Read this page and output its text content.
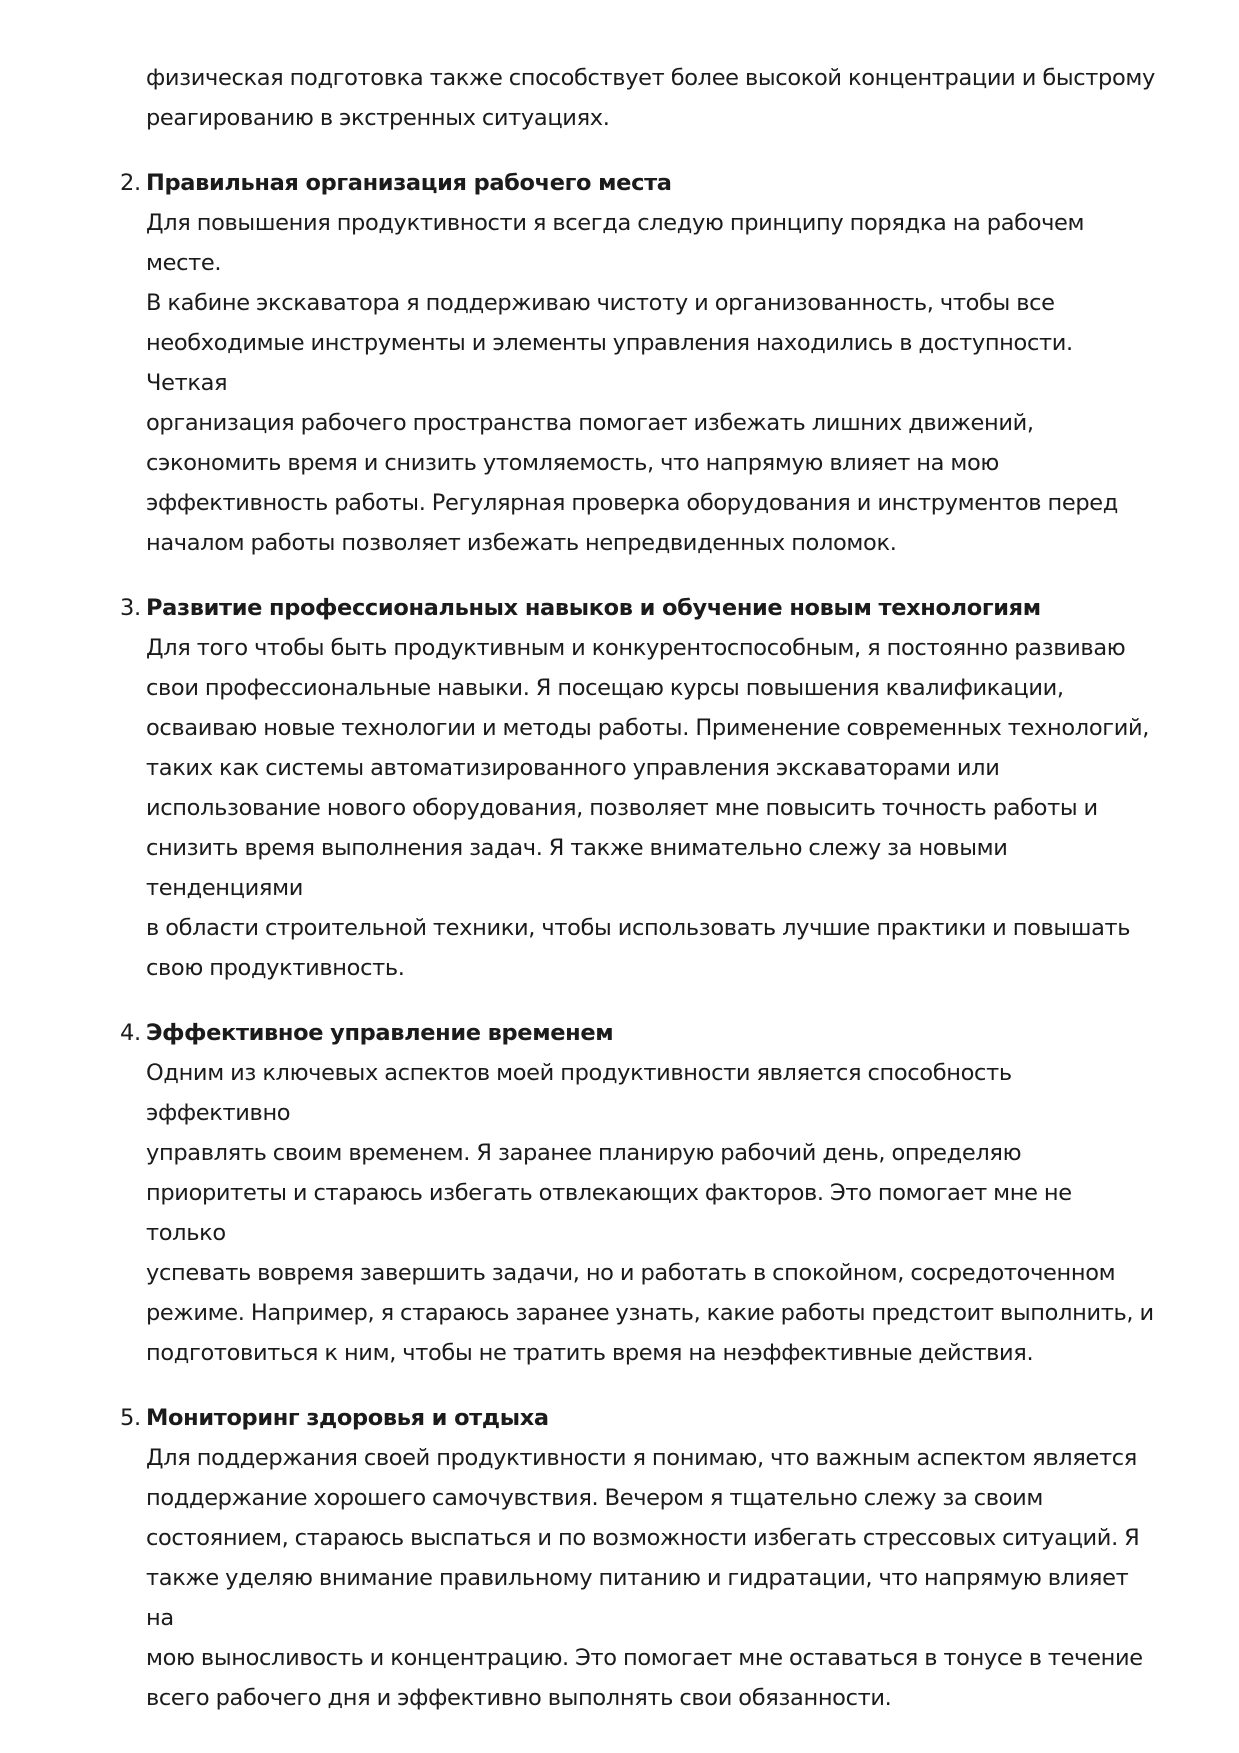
физическая подготовка также способствует более высокой концентрации и быстрому

реагированию в экстренных ситуациях.

2. Правильная организация рабочего места

Для повышения продуктивности я всегда следую принципу порядка на рабочем месте.

В кабине экскаватора я поддерживаю чистоту и организованность, чтобы все

необходимые инструменты и элементы управления находились в доступности. Четкая

организация рабочего пространства помогает избежать лишних движений,

сэкономить время и снизить утомляемость, что напрямую влияет на мою

эффективность работы. Регулярная проверка оборудования и инструментов перед

началом работы позволяет избежать непредвиденных поломок.

3. Развитие профессиональных навыков и обучение новым технологиям

Для того чтобы быть продуктивным и конкурентоспособным, я постоянно развиваю

свои профессиональные навыки. Я посещаю курсы повышения квалификации,

осваиваю новые технологии и методы работы. Применение современных технологий,

таких как системы автоматизированного управления экскаваторами или

использование нового оборудования, позволяет мне повысить точность работы и

снизить время выполнения задач. Я также внимательно слежу за новыми тенденциями

в области строительной техники, чтобы использовать лучшие практики и повышать

свою продуктивность.

4. Эффективное управление временем

Одним из ключевых аспектов моей продуктивности является способность эффективно

управлять своим временем. Я заранее планирую рабочий день, определяю

приоритеты и стараюсь избегать отвлекающих факторов. Это помогает мне не только

успевать вовремя завершить задачи, но и работать в спокойном, сосредоточенном

режиме. Например, я стараюсь заранее узнать, какие работы предстоит выполнить, и

подготовиться к ним, чтобы не тратить время на неэффективные действия.

5. Мониторинг здоровья и отдыха

Для поддержания своей продуктивности я понимаю, что важным аспектом является

поддержание хорошего самочувствия. Вечером я тщательно слежу за своим

состоянием, стараюсь выспаться и по возможности избегать стрессовых ситуаций. Я

также уделяю внимание правильному питанию и гидратации, что напрямую влияет на

мою выносливость и концентрацию. Это помогает мне оставаться в тонусе в течение

всего рабочего дня и эффективно выполнять свои обязанности.
